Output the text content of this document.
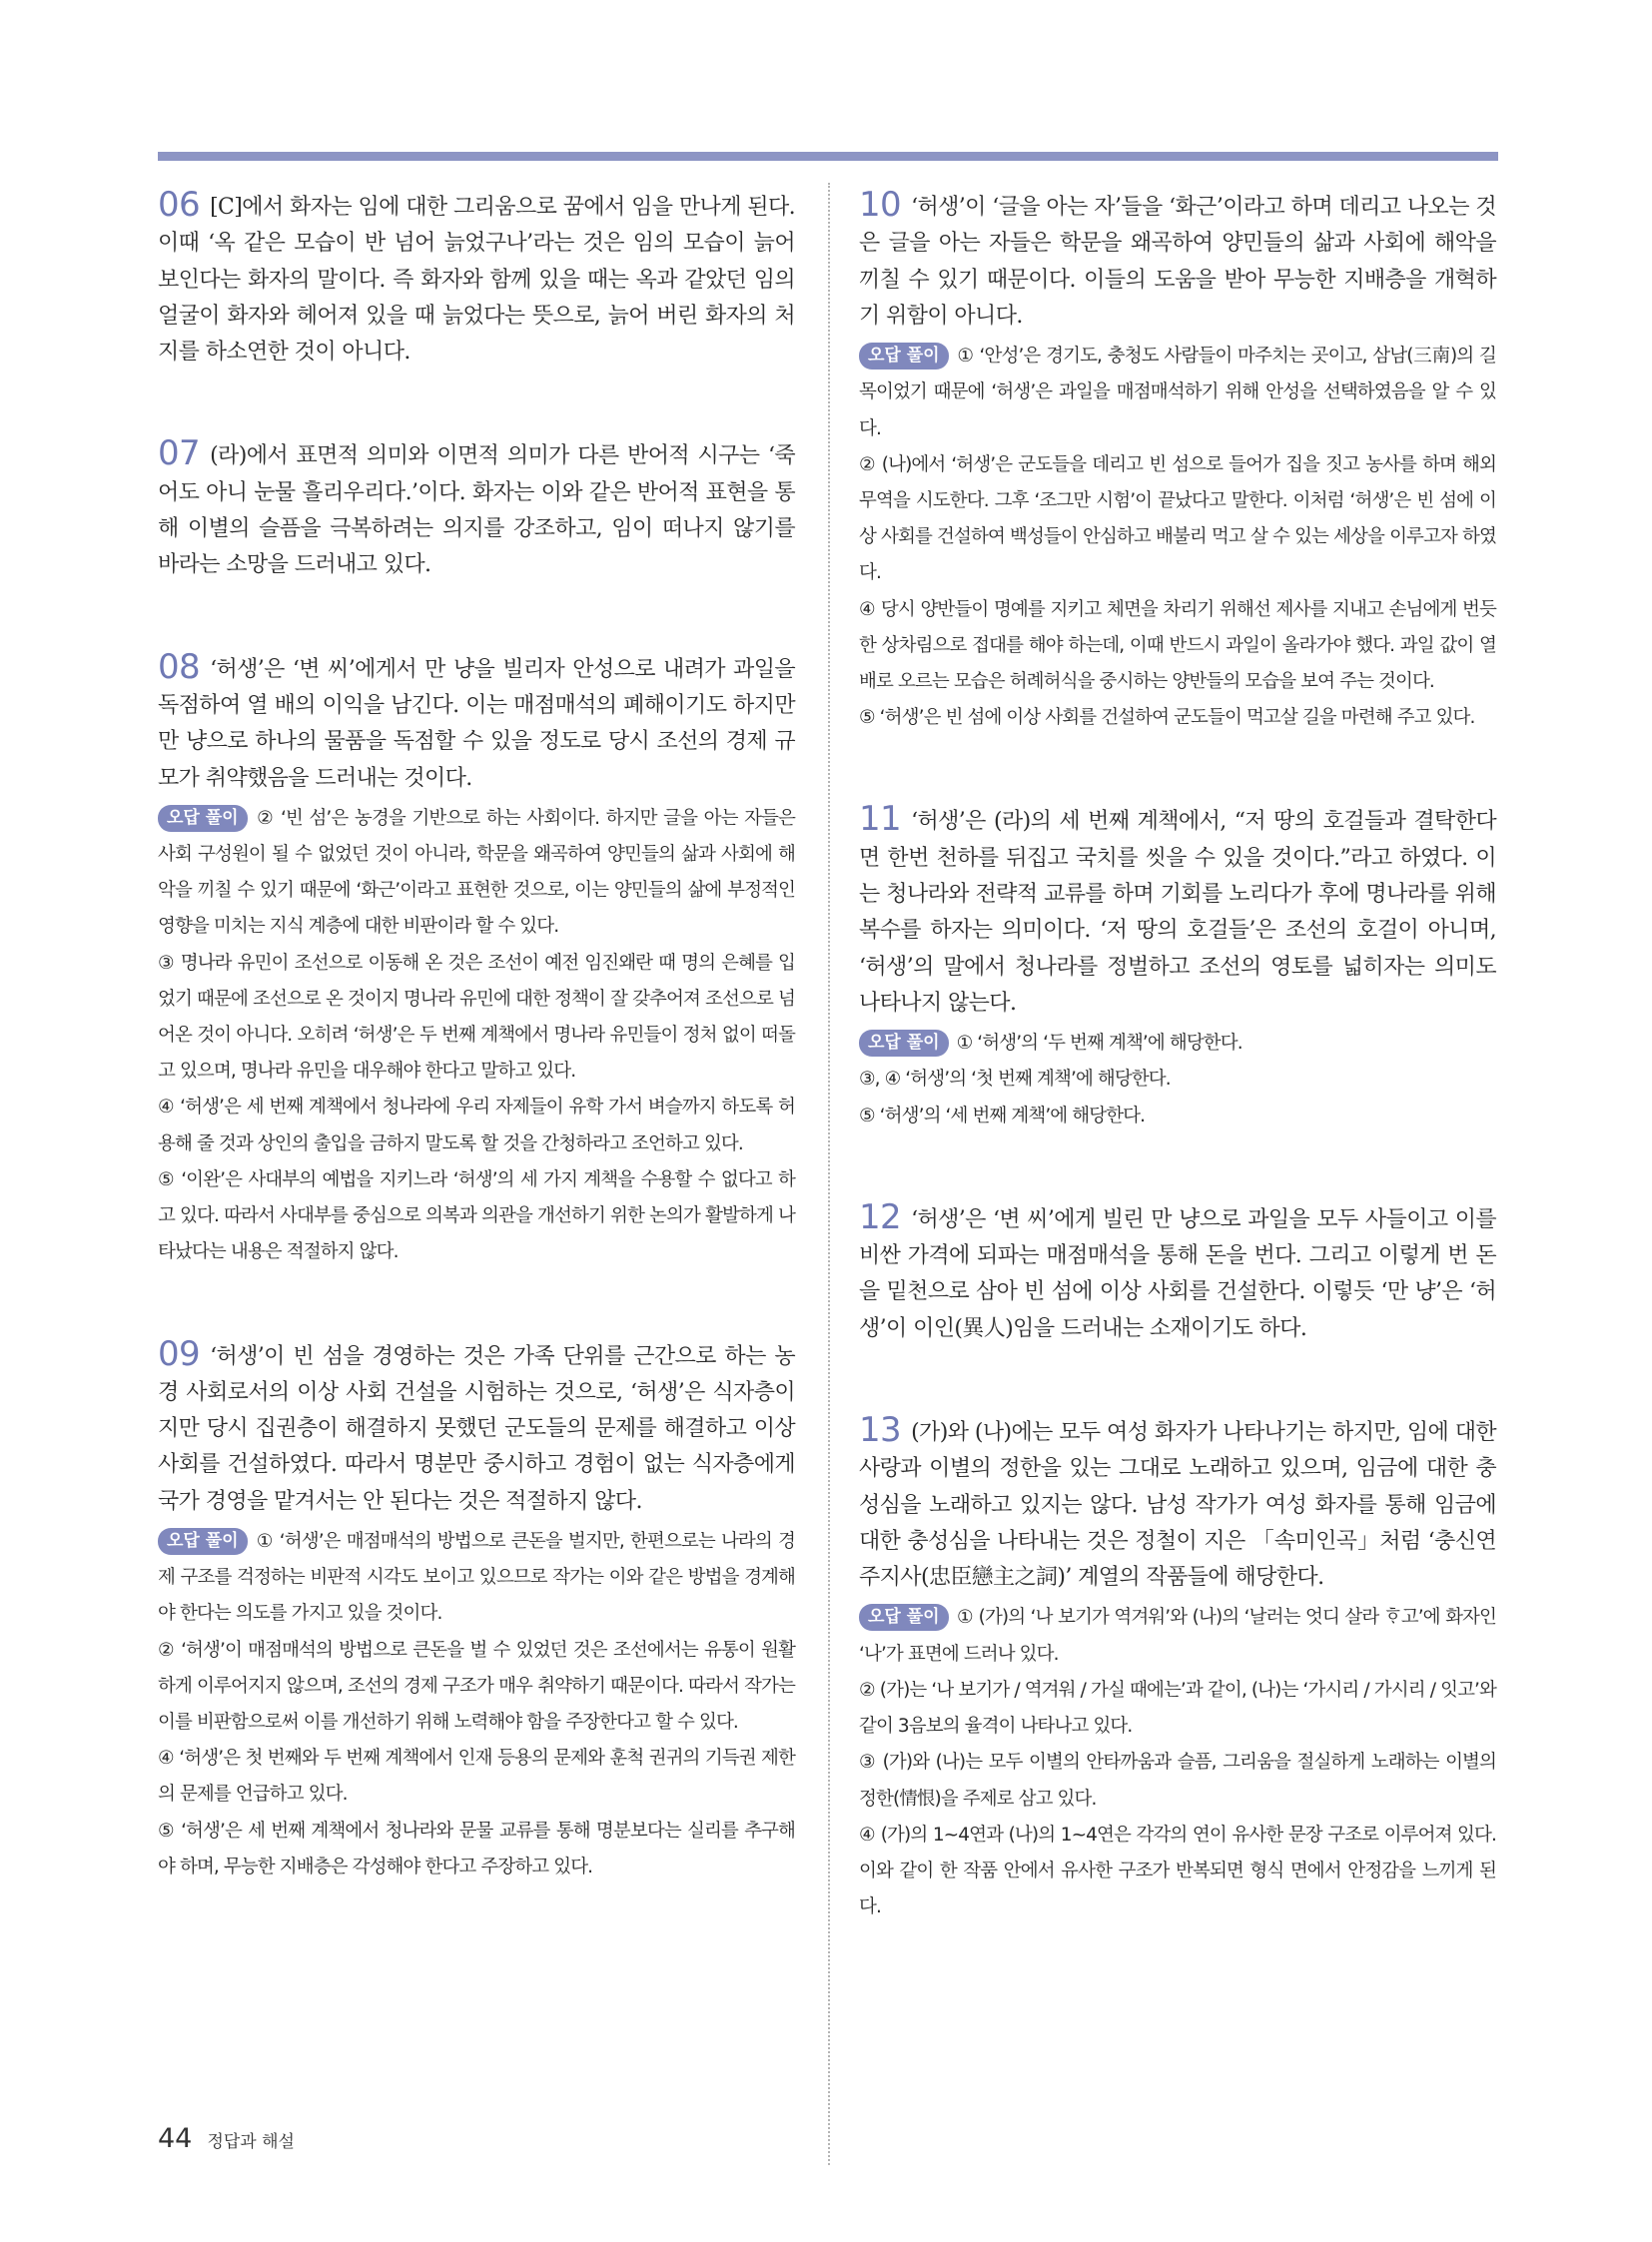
06 [C]에서 화자는 임에 대한 그리움으로 꿈에서 임을 만나게 된다. 이때 ‘옥 같은 모습이 반 넘어 늙었구나’라는 것은 임의 모습이 늙어 보인다는 화자의 말이다. 즉 화자와 함께 있을 때는 옥과 같았던 임의 얼굴이 화자와 헤어져 있을 때 늙었다는 뜻으로, 늙어 버린 화자의 처지를 하소연한 것이 아니다.

07 (라)에서 표면적 의미와 이면적 의미가 다른 반어적 시구는 ‘죽어도 아니 눈물 흘리우리다.’이다. 화자는 이와 같은 반어적 표현을 통해 이별의 슬픔을 극복하려는 의지를 강조하고, 임이 떠나지 않기를 바라는 소망을 드러내고 있다.

08 ‘허생’은 ‘변 씨’에게서 만 냥을 빌리자 안성으로 내려가 과일을 독점하여 열 배의 이익을 남긴다. 이는 매점매석의 폐해이기도 하지만 만 냥으로 하나의 물품을 독점할 수 있을 정도로 당시 조선의 경제 규모가 취약했음을 드러내는 것이다.

오답 풀이 ② ‘빈 섬’은 농경을 기반으로 하는 사회이다. 하지만 글을 아는 자들은 사회 구성원이 될 수 없었던 것이 아니라, 학문을 왜곡하여 양민들의 삶과 사회에 해악을 끼칠 수 있기 때문에 ‘화근’이라고 표현한 것으로, 이는 양민들의 삶에 부정적인 영향을 미치는 지식 계층에 대한 비판이라 할 수 있다.

③ 명나라 유민이 조선으로 이동해 온 것은 조선이 예전 임진왜란 때 명의 은혜를 입었기 때문에 조선으로 온 것이지 명나라 유민에 대한 정책이 잘 갖추어져 조선으로 넘어온 것이 아니다. 오히려 ‘허생’은 두 번째 계책에서 명나라 유민들이 정처 없이 떠돌고 있으며, 명나라 유민을 대우해야 한다고 말하고 있다.

④ ‘허생’은 세 번째 계책에서 청나라에 우리 자제들이 유학 가서 벼슬까지 하도록 허용해 줄 것과 상인의 출입을 금하지 말도록 할 것을 간청하라고 조언하고 있다.

⑤ ‘이완’은 사대부의 예법을 지키느라 ‘허생’의 세 가지 계책을 수용할 수 없다고 하고 있다. 따라서 사대부를 중심으로 의복과 의관을 개선하기 위한 논의가 활발하게 나타났다는 내용은 적절하지 않다.

09 ‘허생’이 빈 섬을 경영하는 것은 가족 단위를 근간으로 하는 농경 사회로서의 이상 사회 건설을 시험하는 것으로, ‘허생’은 식자층이지만 당시 집권층이 해결하지 못했던 군도들의 문제를 해결하고 이상 사회를 건설하였다. 따라서 명분만 중시하고 경험이 없는 식자층에게 국가 경영을 맡겨서는 안 된다는 것은 적절하지 않다.

오답 풀이 ① ‘허생’은 매점매석의 방법으로 큰돈을 벌지만, 한편으로는 나라의 경제 구조를 걱정하는 비판적 시각도 보이고 있으므로 작가는 이와 같은 방법을 경계해야 한다는 의도를 가지고 있을 것이다.

② ‘허생’이 매점매석의 방법으로 큰돈을 벌 수 있었던 것은 조선에서는 유통이 원활하게 이루어지지 않으며, 조선의 경제 구조가 매우 취약하기 때문이다. 따라서 작가는 이를 비판함으로써 이를 개선하기 위해 노력해야 함을 주장한다고 할 수 있다.

④ ‘허생’은 첫 번째와 두 번째 계책에서 인재 등용의 문제와 훈척 권귀의 기득권 제한의 문제를 언급하고 있다.

⑤ ‘허생’은 세 번째 계책에서 청나라와 문물 교류를 통해 명분보다는 실리를 추구해야 하며, 무능한 지배층은 각성해야 한다고 주장하고 있다.

10 ‘허생’이 ‘글을 아는 자’들을 ‘화근’이라고 하며 데리고 나오는 것은 글을 아는 자들은 학문을 왜곡하여 양민들의 삶과 사회에 해악을 끼칠 수 있기 때문이다. 이들의 도움을 받아 무능한 지배층을 개혁하기 위함이 아니다.

오답 풀이 ① ‘안성’은 경기도, 충청도 사람들이 마주치는 곳이고, 삼남(三南)의 길목이었기 때문에 ‘허생’은 과일을 매점매석하기 위해 안성을 선택하였음을 알 수 있다.

② (나)에서 ‘허생’은 군도들을 데리고 빈 섬으로 들어가 집을 짓고 농사를 하며 해외 무역을 시도한다. 그후 ‘조그만 시험’이 끝났다고 말한다. 이처럼 ‘허생’은 빈 섬에 이상 사회를 건설하여 백성들이 안심하고 배불리 먹고 살 수 있는 세상을 이루고자 하였다.

④ 당시 양반들이 명예를 지키고 체면을 차리기 위해선 제사를 지내고 손님에게 번듯한 상차림으로 접대를 해야 하는데, 이때 반드시 과일이 올라가야 했다. 과일 값이 열 배로 오르는 모습은 허례허식을 중시하는 양반들의 모습을 보여 주는 것이다.

⑤ ‘허생’은 빈 섬에 이상 사회를 건설하여 군도들이 먹고살 길을 마련해 주고 있다.

11 ‘허생’은 (라)의 세 번째 계책에서, “저 땅의 호걸들과 결탁한다면 한번 천하를 뒤집고 국치를 씻을 수 있을 것이다.”라고 하였다. 이는 청나라와 전략적 교류를 하며 기회를 노리다가 후에 명나라를 위해 복수를 하자는 의미이다. ‘저 땅의 호걸들’은 조선의 호걸이 아니며, ‘허생’의 말에서 청나라를 정벌하고 조선의 영토를 넓히자는 의미도 나타나지 않는다.

오답 풀이 ① ‘허생’의 ‘두 번째 계책’에 해당한다.

③, ④ ‘허생’의 ‘첫 번째 계책’에 해당한다.

⑤ ‘허생’의 ‘세 번째 계책’에 해당한다.

12 ‘허생’은 ‘변 씨’에게 빌린 만 냥으로 과일을 모두 사들이고 이를 비싼 가격에 되파는 매점매석을 통해 돈을 번다. 그리고 이렇게 번 돈을 밑천으로 삼아 빈 섬에 이상 사회를 건설한다. 이렇듯 ‘만 냥’은 ‘허생’이 이인(異人)임을 드러내는 소재이기도 하다.

13 (가)와 (나)에는 모두 여성 화자가 나타나기는 하지만, 임에 대한 사랑과 이별의 정한을 있는 그대로 노래하고 있으며, 임금에 대한 충성심을 노래하고 있지는 않다. 남성 작가가 여성 화자를 통해 임금에 대한 충성심을 나타내는 것은 정철이 지은 「속미인곡」처럼 ‘충신연주지사(忠臣戀主之詞)’ 계열의 작품들에 해당한다.

오답 풀이 ① (가)의 ‘나 보기가 역겨워’와 (나)의 ‘날러는 엇디 살라 ᄒᆞ고’에 화자인 ‘나’가 표면에 드러나 있다.

② (가)는 ‘나 보기가 / 역겨워 / 가실 때에는’과 같이, (나)는 ‘가시리 / 가시리 / 잇고’와 같이 3음보의 율격이 나타나고 있다.

③ (가)와 (나)는 모두 이별의 안타까움과 슬픔, 그리움을 절실하게 노래하는 이별의 정한(情恨)을 주제로 삼고 있다.

④ (가)의 1~4연과 (나)의 1~4연은 각각의 연이 유사한 문장 구조로 이루어져 있다. 이와 같이 한 작품 안에서 유사한 구조가 반복되면 형식 면에서 안정감을 느끼게 된다.

44 정답과 해설
